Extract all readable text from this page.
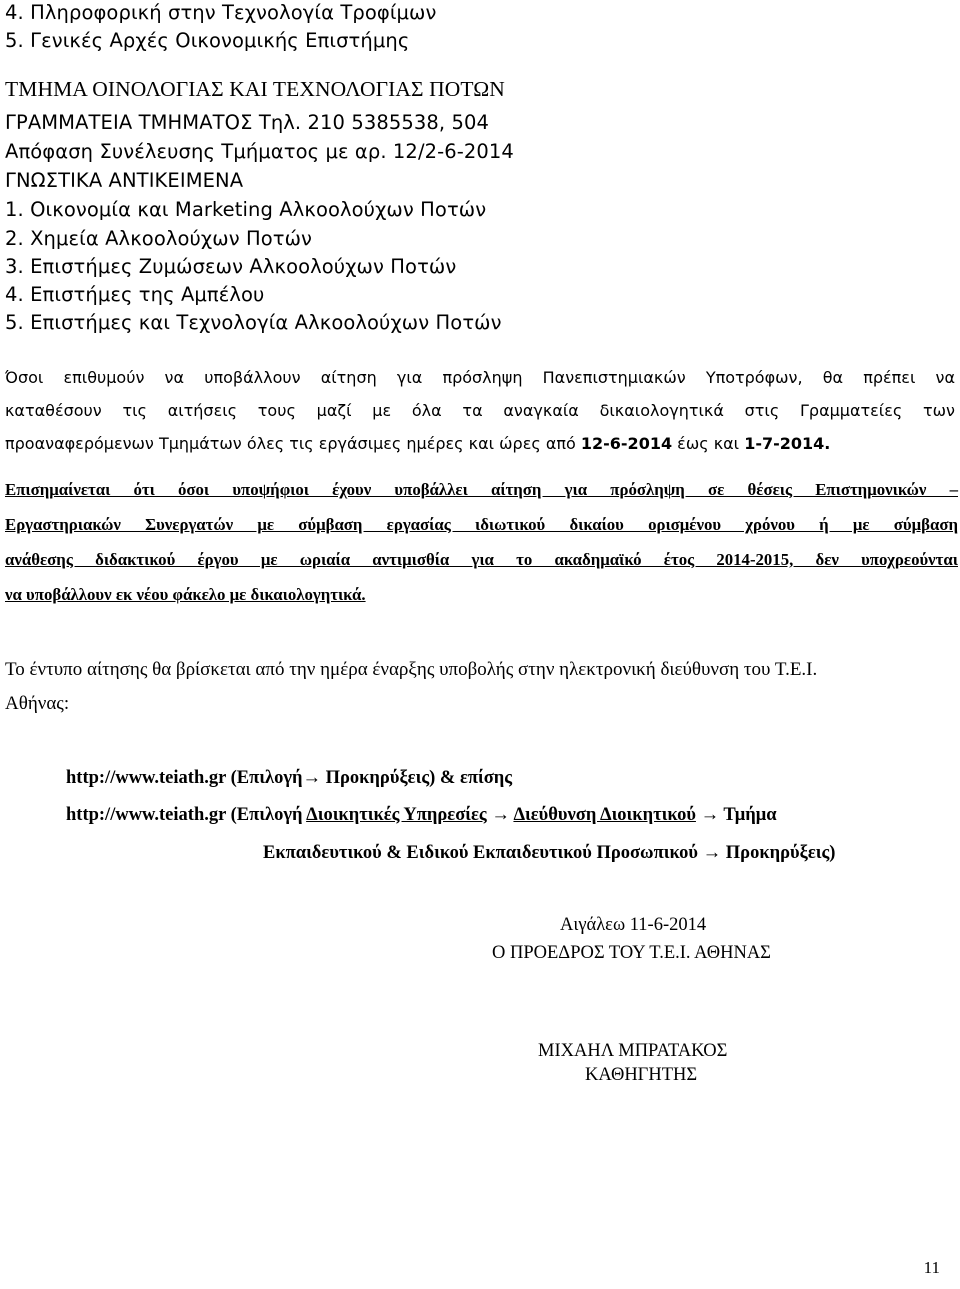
4. Πληροφορική στην Τεχνολογία Τροφίμων
5. Γενικές Αρχές Οικονομικής Επιστήμης
ΤΜΗΜΑ ΟΙΝΟΛΟΓΙΑΣ ΚΑΙ ΤΕΧΝΟΛΟΓΙΑΣ ΠΟΤΩΝ
ΓΡΑΜΜΑΤΕΙΑ ΤΜΗΜΑΤΟΣ Τηλ. 210 5385538, 504
Απόφαση Συνέλευσης Τμήματος με αρ. 12/2-6-2014
ΓΝΩΣΤΙΚΑ ΑΝΤΙΚΕΙΜΕΝΑ
1. Οικονομία και Marketing Αλκοολούχων Ποτών
2. Χημεία Αλκοολούχων Ποτών
3. Επιστήμες Ζυμώσεων Αλκοολούχων Ποτών
4. Επιστήμες της Αμπέλου
5. Επιστήμες και Τεχνολογία Αλκοολούχων Ποτών
Όσοι επιθυμούν να υποβάλλουν αίτηση για πρόσληψη Πανεπιστημιακών Υποτρόφων, θα πρέπει να
καταθέσουν τις αιτήσεις τους μαζί με όλα τα αναγκαία δικαιολογητικά στις Γραμματείες των
προαναφερόμενων Τμημάτων όλες τις εργάσιμες ημέρες και ώρες από 12-6-2014 έως και 1-7-2014.
Επισημαίνεται ότι όσοι υποψήφιοι έχουν υποβάλλει αίτηση για πρόσληψη σε θέσεις Επιστημονικών –
Εργαστηριακών Συνεργατών με σύμβαση εργασίας ιδιωτικού δικαίου ορισμένου χρόνου ή με σύμβαση
ανάθεσης διδακτικού έργου με ωριαία αντιμισθία για το ακαδημαϊκό έτος 2014-2015, δεν υποχρεούνται
να υποβάλλουν εκ νέου φάκελο με δικαιολογητικά.
Το έντυπο αίτησης θα βρίσκεται από την ημέρα έναρξης υποβολής στην ηλεκτρονική διεύθυνση του Τ.Ε.Ι.
Αθήνας:
http://www.teiath.gr (Επιλογή→ Προκηρύξεις) & επίσης
http://www.teiath.gr (Επιλογή Διοικητικές Υπηρεσίες → Διεύθυνση Διοικητικού → Τμήμα
Εκπαιδευτικού & Ειδικού Εκπαιδευτικού Προσωπικού → Προκηρύξεις)
Αιγάλεω 11-6-2014
Ο ΠΡΟΕΔΡΟΣ ΤΟΥ Τ.Ε.Ι. ΑΘΗΝΑΣ
ΜΙΧΑΗΛ ΜΠΡΑΤΑΚΟΣ
ΚΑΘΗΓΗΤΗΣ
11
